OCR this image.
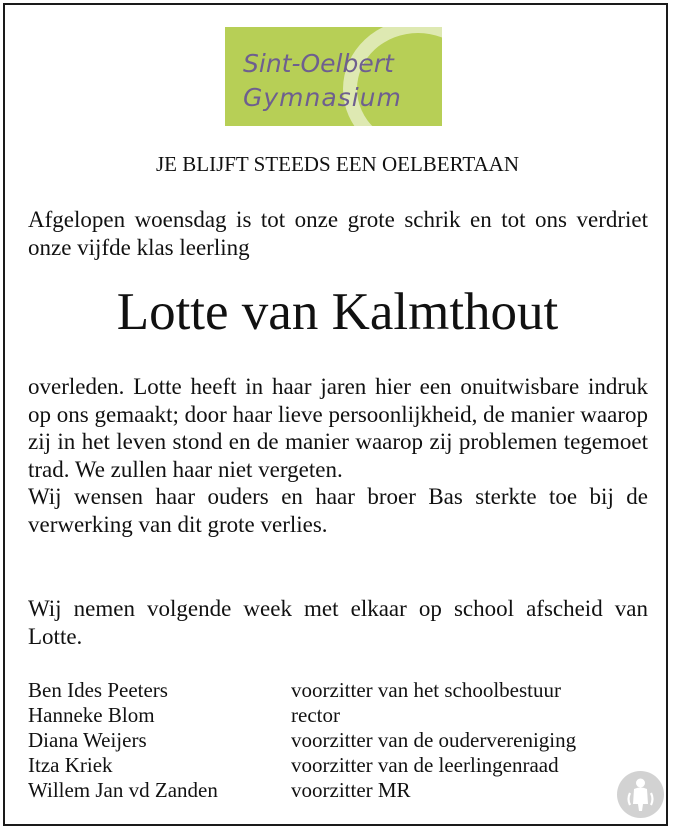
Sint-Oelbert
Gymnasium
JE BLIJFT STEEDS EEN OELBERTAAN
Afgelopen woensdag is tot onze grote schrik en tot ons verdriet onze vijfde klas leerling
Lotte van Kalmthout
overleden. Lotte heeft in haar jaren hier een onuitwisbare indruk op ons gemaakt; door haar lieve persoonlijkheid, de manier waarop zij in het leven stond en de manier waarop zij problemen tegemoet trad. We zullen haar niet vergeten.
Wij wensen haar ouders en haar broer Bas sterkte toe bij de verwerking van dit grote verlies.
Wij nemen volgende week met elkaar op school afscheid van Lotte.
Ben Ides Peeters	voorzitter van het schoolbestuur
Hanneke Blom	rector
Diana Weijers	voorzitter van de oudervereniging
Itza Kriek	voorzitter van de leerlingenraad
Willem Jan vd Zanden	voorzitter MR
